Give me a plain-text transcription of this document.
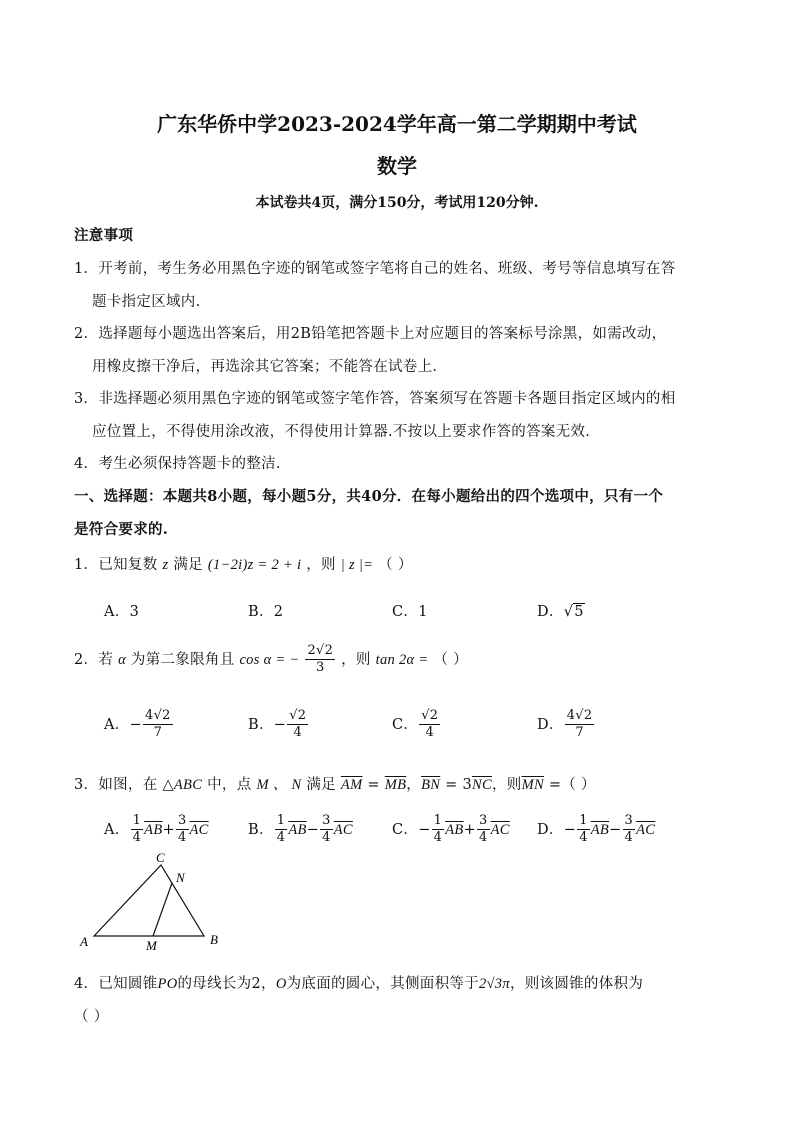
广东华侨中学2023-2024学年高一第二学期期中考试
数学
本试卷共4页，满分150分，考试用120分钟.
注意事项
1．开考前，考生务必用黑色字迹的钢笔或签字笔将自己的姓名、班级、考号等信息填写在答
题卡指定区域内.
2．选择题每小题选出答案后，用2B铅笔把答题卡上对应题目的答案标号涂黑，如需改动，
用橡皮擦干净后，再选涂其它答案；不能答在试卷上.
3．非选择题必须用黑色字迹的钢笔或签字笔作答，答案须写在答题卡各题目指定区域内的相
应位置上，不得使用涂改液，不得使用计算器.不按以上要求作答的答案无效.
4．考生必须保持答题卡的整洁.
一、选择题：本题共8小题，每小题5分，共40分．在每小题给出的四个选项中，只有一个
是符合要求的.
1．已知复数 z 满足 (1−2i)z = 2 + i ，则 | z |= （ ）
A．3	B．2	C．1	D．√5
2．若 α 为第二象限角且 cos α = − $\frac{2√2}{3}$ ，则 tan 2α = （ ）
A．− $\frac{4√2}{7}$	B．− $\frac{√2}{4}$	C． $\frac{√2}{4}$	D． $\frac{4√2}{7}$
3．如图，在 △ABC 中，点 M 、 N 满足 $\overline{AM} = \overline{MB}$，$\overline{BN} = 3\overline{NC}$，则$\overline{MN}$ =（ ）
A． $\frac{1}{4} \overline{AB}+ \frac{3}{4} \overline{AC}$	B． $\frac{1}{4} \overline{AB}- \frac{3}{4} \overline{AC}$	C．− $\frac{1}{4} \overline{AB}+ \frac{3}{4} \overline{AC}$ D．− $\frac{1}{4} \overline{AB}- \frac{3}{4} \overline{AC}$
A
C
N
M	B
4．已知圆锥PO的母线长为2，O为底面的圆心，其侧面积等于2√3π，则该圆锥的体积为
（ ）
